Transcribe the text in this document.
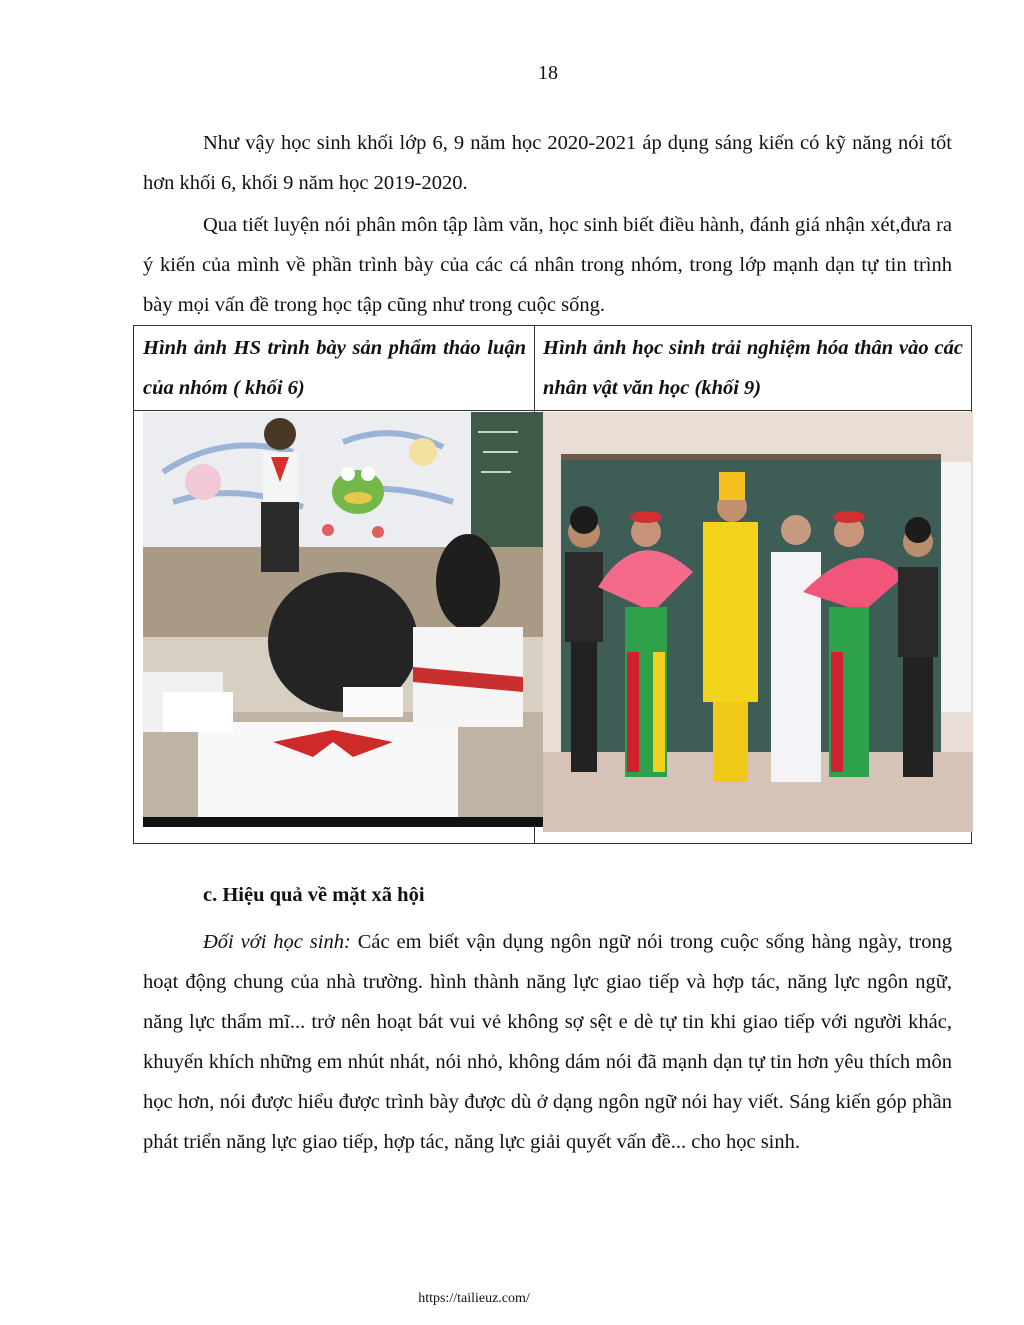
18

Như vậy học sinh khối lớp 6, 9 năm học 2020-2021 áp dụng sáng kiến có kỹ năng nói tốt hơn khối 6, khối 9 năm học 2019-2020.

Qua tiết luyện nói phân môn tập làm văn, học sinh biết điều hành, đánh giá nhận xét,đưa ra ý kiến của mình về phần trình bày của các cá nhân trong nhóm, trong lớp mạnh dạn tự tin trình bày mọi vấn đề trong học tập cũng như trong cuộc sống.

Hình ảnh HS trình bày sản phẩm thảo luận của nhóm ( khối 6)
Hình ảnh học sinh trải nghiệm hóa thân vào các nhân vật văn học (khối 9)

c. Hiệu quả về mặt xã hội

Đối với học sinh: Các em biết vận dụng ngôn ngữ nói trong cuộc sống hàng ngày, trong hoạt động chung của nhà trường. hình thành năng lực giao tiếp và hợp tác, năng lực ngôn ngữ, năng lực thẩm mĩ... trở nên hoạt bát vui vẻ không sợ sệt e dè tự tin khi giao tiếp với người khác, khuyến khích những em nhút nhát, nói nhỏ, không dám nói đã mạnh dạn tự tin hơn yêu thích môn học hơn, nói được hiểu được trình bày được dù ở dạng ngôn ngữ nói hay viết. Sáng kiến góp phần phát triển năng lực giao tiếp, hợp tác, năng lực giải quyết vấn đề... cho học sinh.

https://tailieuz.com/
